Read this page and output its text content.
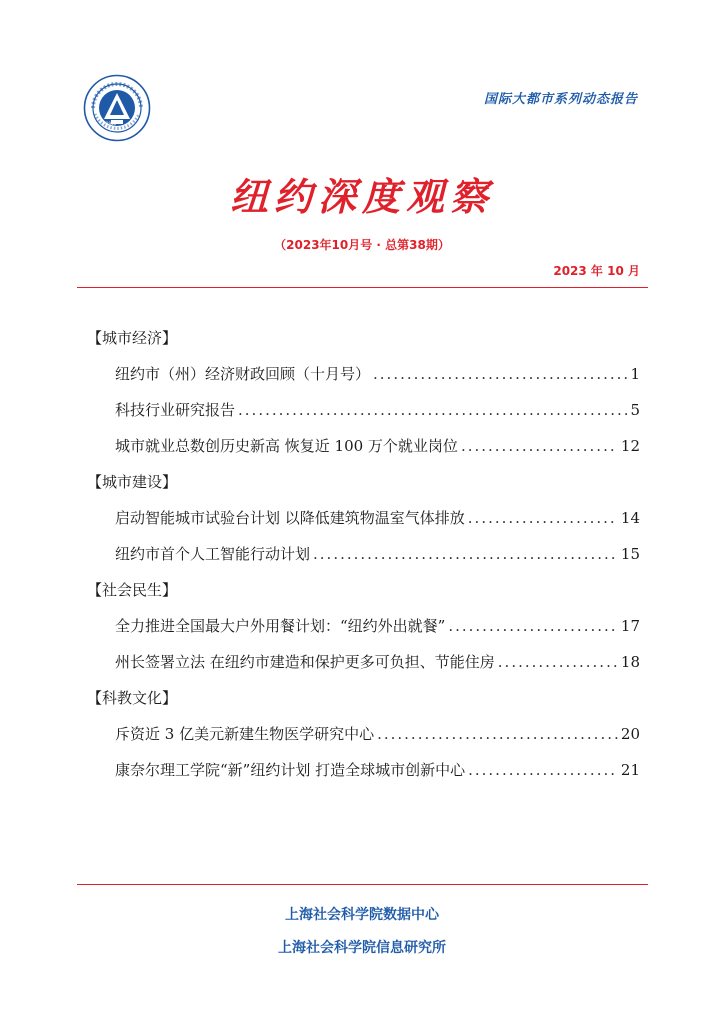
1958
国际大都市系列动态报告
纽约深度观察
（2023年10月号 · 总第38期）
2023 年 10 月
【城市经济】
纽约市（州）经济财政回顾（十月号） .....	1
科技行业研究报告 .....	5
城市就业总数创历史新高 恢复近 100 万个就业岗位 .....	12
【城市建设】
启动智能城市试验台计划 以降低建筑物温室气体排放 .....	14
纽约市首个人工智能行动计划 .....	15
【社会民生】
全力推进全国最大户外用餐计划：“纽约外出就餐” .....	17
州长签署立法 在纽约市建造和保护更多可负担、节能住房 .....	18
【科教文化】
斥资近 3 亿美元新建生物医学研究中心 .....	20
康奈尔理工学院“新”纽约计划 打造全球城市创新中心 .....	21
上海社会科学院数据中心
上海社会科学院信息研究所
